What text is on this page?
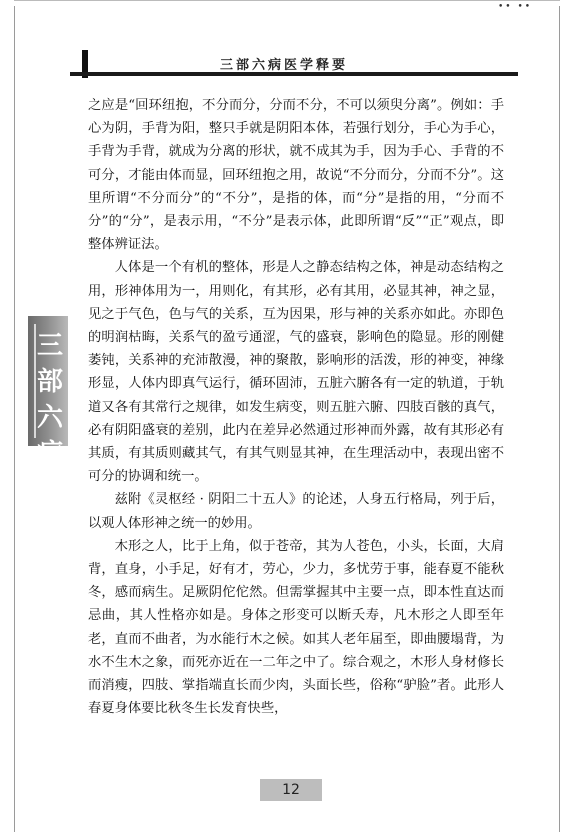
•• ••
三部六病医学释要
三部六病

之应是“回环纽抱，不分而分，分而不分，不可以须臾分离”。例如：手心为阴，手背为阳，整只手就是阴阳本体，若强行划分，手心为手心，手背为手背，就成为分离的形状，就不成其为手，因为手心、手背的不可分，才能由体而显，回环纽抱之用，故说“不分而分，分而不分”。这里所谓“不分而分”的“不分”，是指的体，而“分”是指的用，“分而不分”的“分”，是表示用，“不分”是表示体，此即所谓“反”“正”观点，即整体辨证法。

人体是一个有机的整体，形是人之静态结构之体，神是动态结构之用，形神体用为一，用则化，有其形，必有其用，必显其神，神之显，见之于气色，色与气的关系，互为因果，形与神的关系亦如此。亦即色的明润枯晦，关系气的盈亏通涩，气的盛衰，影响色的隐显。形的刚健萎钝，关系神的充沛散漫，神的聚散，影响形的活泼，形的神变，神缘形显，人体内即真气运行，循环固沛，五脏六腑各有一定的轨道，于轨道又各有其常行之规律，如发生病变，则五脏六腑、四肢百骸的真气，必有阴阳盛衰的差别，此内在差异必然通过形神而外露，故有其形必有其质，有其质则藏其气，有其气则显其神，在生理活动中，表现出密不可分的协调和统一。

兹附《灵枢经 · 阴阳二十五人》的论述，人身五行格局，列于后，以观人体形神之统一的妙用。

木形之人，比于上角，似于苍帝，其为人苍色，小头，长面，大肩背，直身，小手足，好有才，劳心，少力，多忧劳于事，能春夏不能秋冬，感而病生。足厥阴佗佗然。但需掌握其中主要一点，即本性直达而忌曲，其人性格亦如是。身体之形变可以断夭寿，凡木形之人即至年老，直而不曲者，为水能行木之候。如其人老年届至，即曲腰塌背，为水不生木之象，而死亦近在一二年之中了。综合观之，木形人身材修长而消瘦，四肢、掌指端直长而少肉，头面长些，俗称“驴脸”者。此形人春夏身体要比秋冬生长发育快些，

12
